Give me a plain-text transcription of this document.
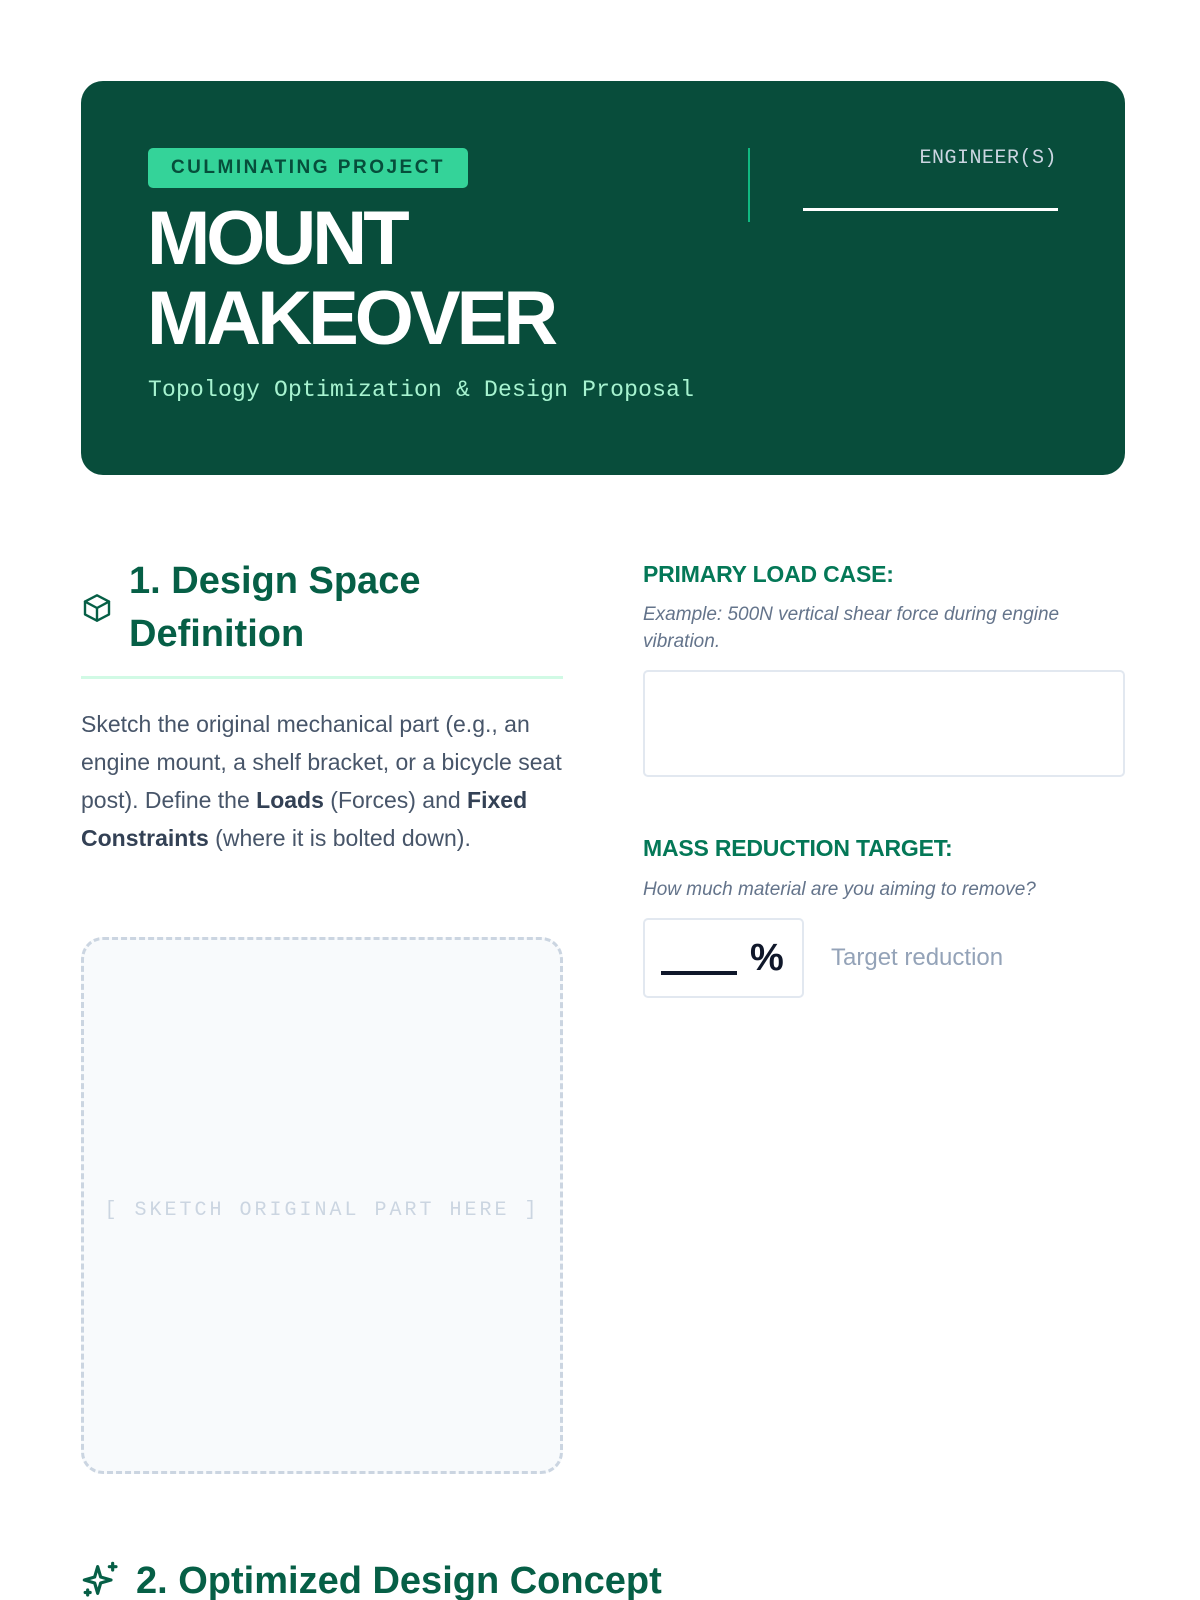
CULMINATING PROJECT
MOUNT
MAKEOVER
Topology Optimization & Design Proposal
ENGINEER(S)
1. Design Space
Definition

Sketch the original mechanical part (e.g., an engine mount, a shelf bracket, or a bicycle seat post). Define the Loads (Forces) and Fixed Constraints (where it is bolted down).

[ SKETCH ORIGINAL PART HERE ]
PRIMARY LOAD CASE:
Example: 500N vertical shear force during engine vibration.
MASS REDUCTION TARGET:
How much material are you aiming to remove?
% Target reduction
2. Optimized Design Concept
